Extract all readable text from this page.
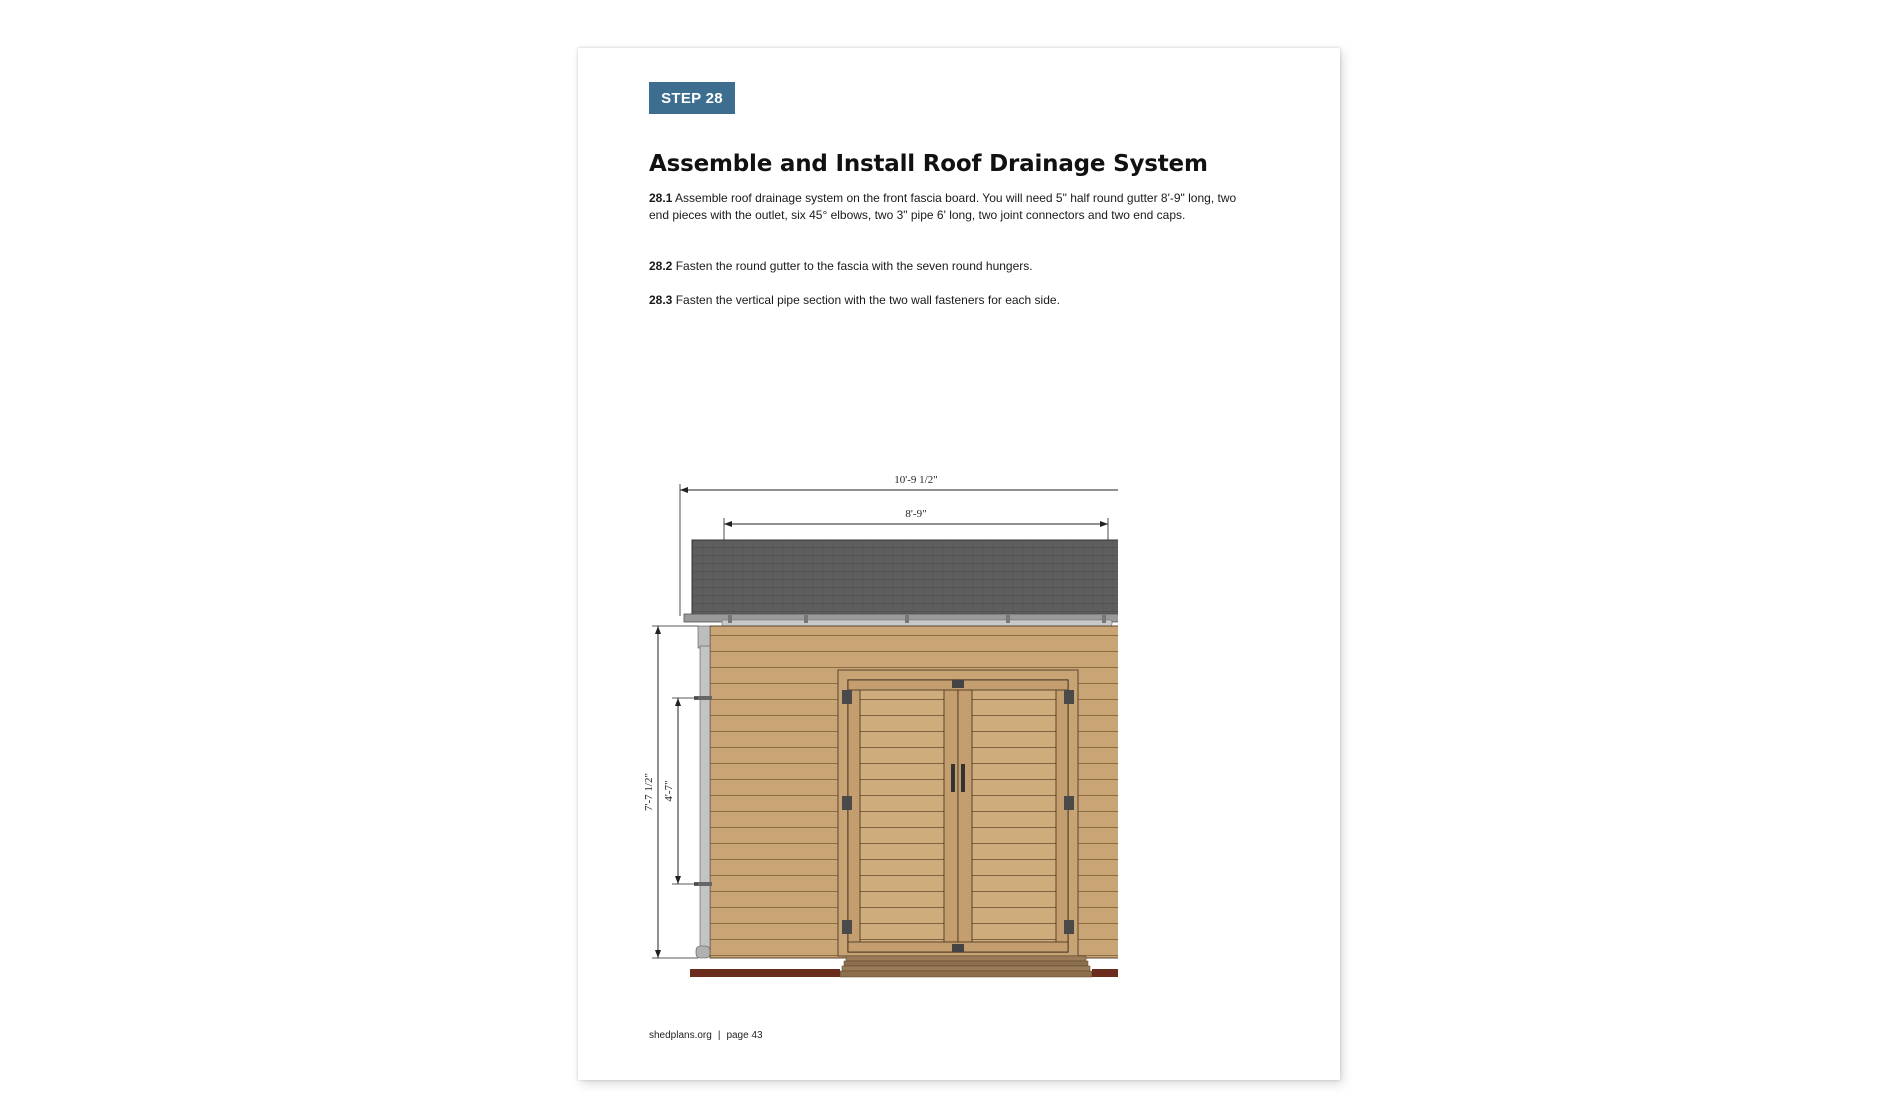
STEP 28
Assemble and Install Roof Drainage System

28.1 Assemble roof drainage system on the front fascia board. You will need 5" half round gutter 8'-9" long, two end pieces with the outlet, six 45° elbows, two 3" pipe 6' long, two joint connectors and two end caps.

28.2 Fasten the round gutter to the fascia with the seven round hungers.

28.3 Fasten the vertical pipe section with the two wall fasteners for each side.

10'-9 1/2"
8'-9"
7'-7 1/2" 4'-7"
shedplans.org | page 43
